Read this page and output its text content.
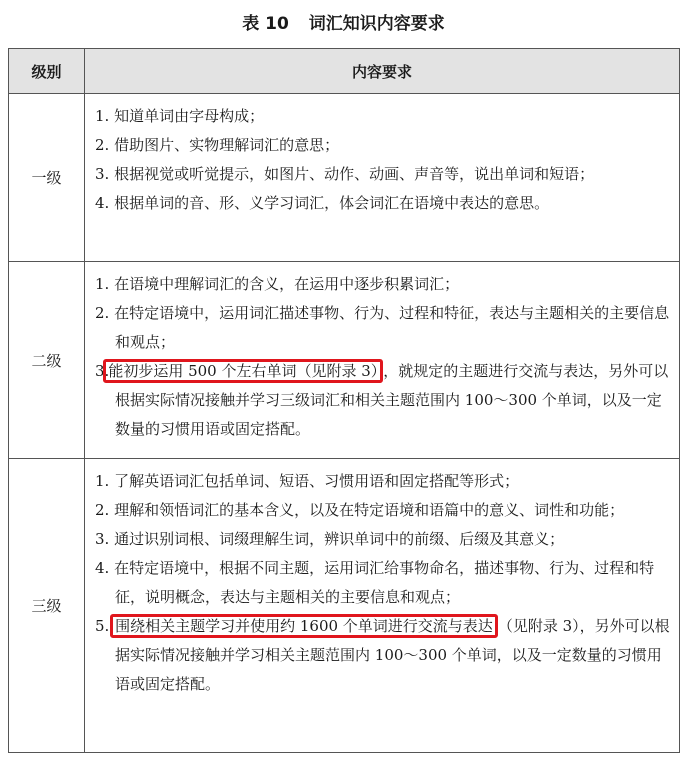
表 10 词汇知识内容要求
级别	内容要求
一级	1. 知道单词由字母构成；
2. 借助图片、实物理解词汇的意思；
3. 根据视觉或听觉提示，如图片、动作、动画、声音等，说出单词和短语；
4. 根据单词的音、形、义学习词汇，体会词汇在语境中表达的意思。

二级	1. 在语境中理解词汇的含义，在运用中逐步积累词汇；
2. 在特定语境中，运用词汇描述事物、行为、过程和特征，表达与主题相关的主要信息和观点；
3.能初步运用 500 个左右单词（见附录 3） ，就规定的主题进行交流与表达，另外可以根据实际情况接触并学习三级词汇和相关主题范围内 100～300 个单词，以及一定数量的习惯用语或固定搭配。

三级	1. 了解英语词汇包括单词、短语、习惯用语和固定搭配等形式；
2. 理解和领悟词汇的基本含义，以及在特定语境和语篇中的意义、词性和功能；
3. 通过识别词根、词缀理解生词，辨识单词中的前缀、后缀及其意义；
4. 在特定语境中，根据不同主题，运用词汇给事物命名，描述事物、行为、过程和特征，说明概念，表达与主题相关的主要信息和观点；
5. 围绕相关主题学习并使用约 1600 个单词进行交流与表达 （见附录 3），另外可以根据实际情况接触并学习相关主题范围内 100～300 个单词，以及一定数量的习惯用语或固定搭配。
